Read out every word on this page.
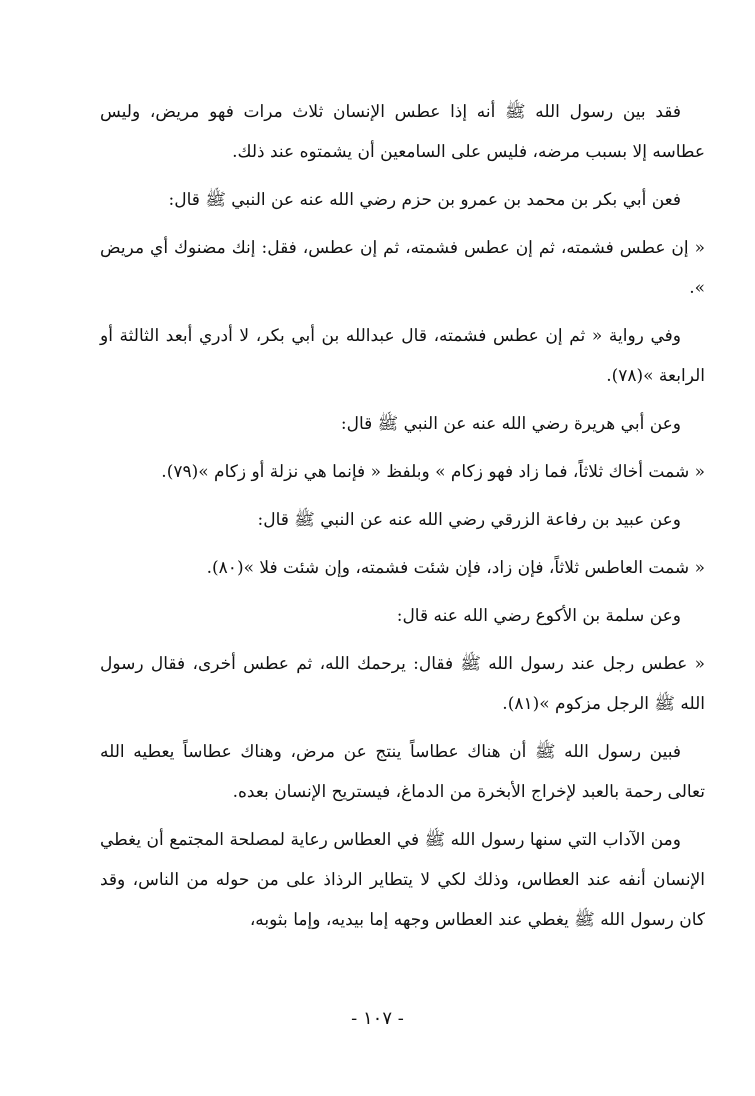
فقد بين رسول الله ﷺ أنه إذا عطس الإنسان ثلاث مرات فهو مريض، وليس عطاسه إلا بسبب مرضه، فليس على السامعين أن يشمتوه عند ذلك.

فعن أبي بكر بن محمد بن عمرو بن حزم رضي الله عنه عن النبي ﷺ قال:

« إن عطس فشمته، ثم إن عطس فشمته، ثم إن عطس، فقل: إنك مضنوك أي مريض ».

وفي رواية « ثم إن عطس فشمته، قال عبدالله بن أبي بكر، لا أدري أبعد الثالثة أو الرابعة »(٧٨).

وعن أبي هريرة رضي الله عنه عن النبي ﷺ قال:

« شمت أخاك ثلاثاً، فما زاد فهو زكام » وبلفظ « فإنما هي نزلة أو زكام »(٧٩).

وعن عبيد بن رفاعة الزرقي رضي الله عنه عن النبي ﷺ قال:

« شمت العاطس ثلاثاً، فإن زاد، فإن شئت فشمته، وإن شئت فلا »(٨٠).

وعن سلمة بن الأكوع رضي الله عنه قال:

« عطس رجل عند رسول الله ﷺ فقال: يرحمك الله، ثم عطس أخرى، فقال رسول الله ﷺ الرجل مزكوم »(٨١).

فبين رسول الله ﷺ أن هناك عطاساً ينتج عن مرض، وهناك عطاساً يعطيه الله تعالى رحمة بالعبد لإخراج الأبخرة من الدماغ، فيستريح الإنسان بعده.

ومن الآداب التي سنها رسول الله ﷺ في العطاس رعاية لمصلحة المجتمع أن يغطي الإنسان أنفه عند العطاس، وذلك لكي لا يتطاير الرذاذ على من حوله من الناس، وقد كان رسول الله ﷺ يغطي عند العطاس وجهه إما بيديه، وإما بثوبه،

- ١٠٧ -
